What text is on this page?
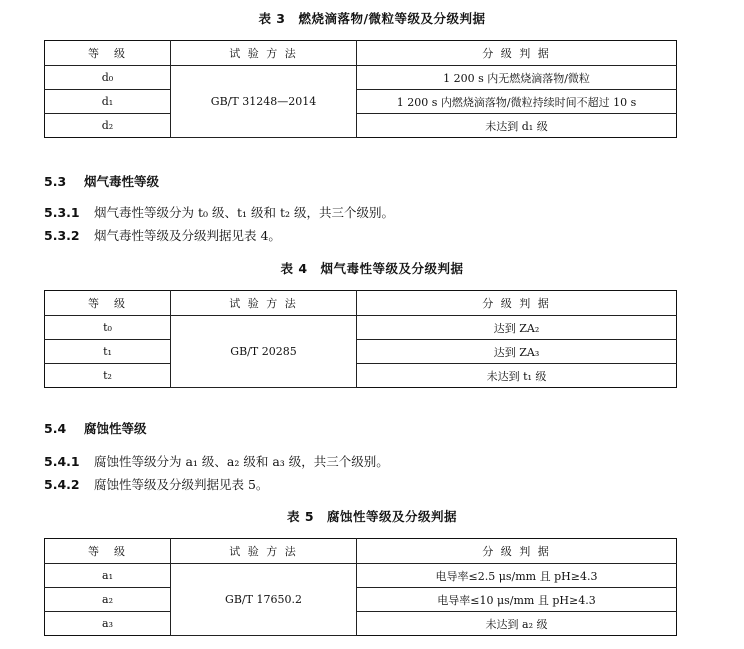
表 3　燃烧滴落物/微粒等级及分级判据
等　级	试 验 方 法	分 级 判 据
d₀	GB/T 31248—2014	1 200 s 内无燃烧滴落物/微粒
d₁		1 200 s 内燃烧滴落物/微粒持续时间不超过 10 s
d₂		未达到 d₁ 级
5.3 烟气毒性等级
5.3.1 烟气毒性等级分为 t₀ 级、t₁ 级和 t₂ 级，共三个级别。
5.3.2 烟气毒性等级及分级判据见表 4。
表 4　烟气毒性等级及分级判据
等　级	试 验 方 法	分 级 判 据
t₀	GB/T 20285	达到 ZA₂
t₁		达到 ZA₃
t₂		未达到 t₁ 级
5.4 腐蚀性等级
5.4.1 腐蚀性等级分为 a₁ 级、a₂ 级和 a₃ 级，共三个级别。
5.4.2 腐蚀性等级及分级判据见表 5。
表 5　腐蚀性等级及分级判据
等　级	试 验 方 法	分 级 判 据
a₁	GB/T 17650.2	电导率≤2.5 μs/mm 且 pH≥4.3
a₂		电导率≤10 μs/mm 且 pH≥4.3
a₃		未达到 a₂ 级
